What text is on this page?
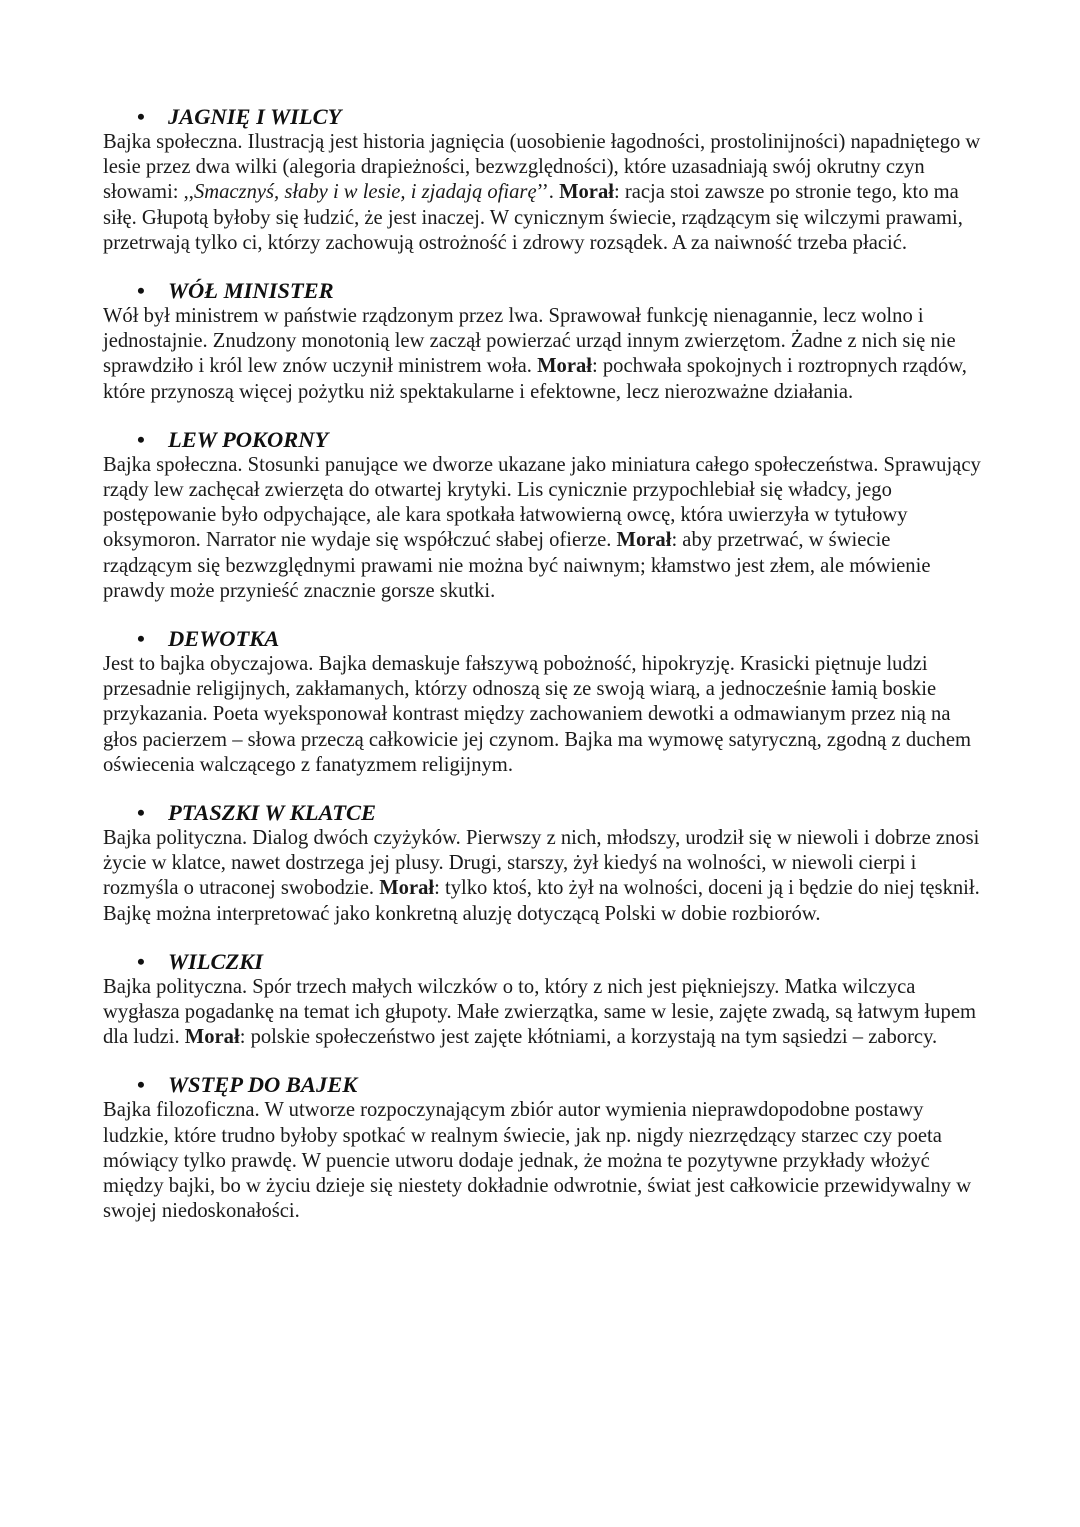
• JAGNIĘ I WILCY

Bajka społeczna. Ilustracją jest historia jagnięcia (uosobienie łagodności, prostolinijności) napadniętego w lesie przez dwa wilki (alegoria drapieżności, bezwzględności), które uzasadniają swój okrutny czyn słowami: ,,Smacznyś, słaby i w lesie, i zjadają ofiarę’’. Morał: racja stoi zawsze po stronie tego, kto ma siłę. Głupotą byłoby się łudzić, że jest inaczej. W cynicznym świecie, rządzącym się wilczymi prawami, przetrwają tylko ci, którzy zachowują ostrożność i zdrowy rozsądek. A za naiwność trzeba płacić.

• WÓŁ MINISTER

Wół był ministrem w państwie rządzonym przez lwa. Sprawował funkcję nienagannie, lecz wolno i jednostajnie. Znudzony monotonią lew zaczął powierzać urząd innym zwierzętom. Żadne z nich się nie sprawdziło i król lew znów uczynił ministrem woła. Morał: pochwała spokojnych i roztropnych rządów, które przynoszą więcej pożytku niż spektakularne i efektowne, lecz nierozważne działania.

• LEW POKORNY

Bajka społeczna. Stosunki panujące we dworze ukazane jako miniatura całego społeczeństwa. Sprawujący rządy lew zachęcał zwierzęta do otwartej krytyki. Lis cynicznie przypochlebiał się władcy, jego postępowanie było odpychające, ale kara spotkała łatwowierną owcę, która uwierzyła w tytułowy oksymoron. Narrator nie wydaje się współczuć słabej ofierze. Morał: aby przetrwać, w świecie rządzącym się bezwzględnymi prawami nie można być naiwnym; kłamstwo jest złem, ale mówienie prawdy może przynieść znacznie gorsze skutki.

• DEWOTKA

Jest to bajka obyczajowa. Bajka demaskuje fałszywą pobożność, hipokryzję. Krasicki piętnuje ludzi przesadnie religijnych, zakłamanych, którzy odnoszą się ze swoją wiarą, a jednocześnie łamią boskie przykazania. Poeta wyeksponował kontrast między zachowaniem dewotki a odmawianym przez nią na głos pacierzem – słowa przeczą całkowicie jej czynom. Bajka ma wymowę satyryczną, zgodną z duchem oświecenia walczącego z fanatyzmem religijnym.

• PTASZKI W KLATCE

Bajka polityczna. Dialog dwóch czyżyków. Pierwszy z nich, młodszy, urodził się w niewoli i dobrze znosi życie w klatce, nawet dostrzega jej plusy. Drugi, starszy, żył kiedyś na wolności, w niewoli cierpi i rozmyśla o utraconej swobodzie. Morał: tylko ktoś, kto żył na wolności, doceni ją i będzie do niej tęsknił. Bajkę można interpretować jako konkretną aluzję dotyczącą Polski w dobie rozbiorów.

• WILCZKI

Bajka polityczna. Spór trzech małych wilczków o to, który z nich jest piękniejszy. Matka wilczyca wygłasza pogadankę na temat ich głupoty. Małe zwierzątka, same w lesie, zajęte zwadą, są łatwym łupem dla ludzi. Morał: polskie społeczeństwo jest zajęte kłótniami, a korzystają na tym sąsiedzi – zaborcy.

• WSTĘP DO BAJEK

Bajka filozoficzna. W utworze rozpoczynającym zbiór autor wymienia nieprawdopodobne postawy ludzkie, które trudno byłoby spotkać w realnym świecie, jak np. nigdy niezrzędzący starzec czy poeta mówiący tylko prawdę. W puencie utworu dodaje jednak, że można te pozytywne przykłady włożyć między bajki, bo w życiu dzieje się niestety dokładnie odwrotnie, świat jest całkowicie przewidywalny w swojej niedoskonałości.
